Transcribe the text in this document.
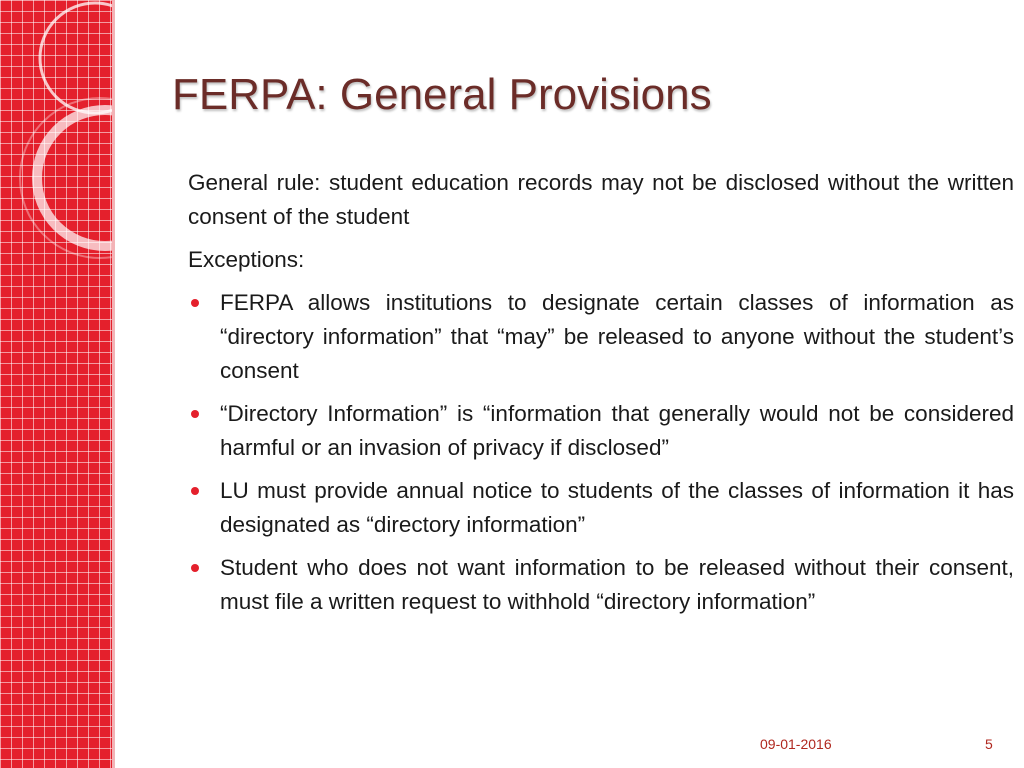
FERPA: General Provisions

General rule: student education records may not be disclosed without the written consent of the student

Exceptions:

FERPA allows institutions to designate certain classes of information as “directory information” that “may” be released to anyone without the student’s consent
“Directory Information” is “information that generally would not be considered harmful or an invasion of privacy if disclosed”
LU must provide annual notice to students of the classes of information it has designated as “directory information”
Student who does not want information to be released without their consent, must file a written request to withhold “directory information”
09-01-2016	5
